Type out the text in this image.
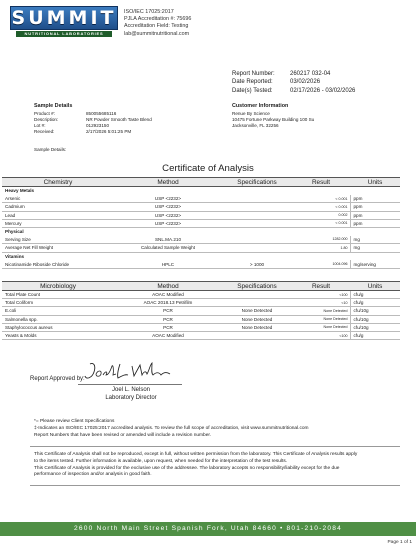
SUMMIT
NUTRITIONAL LABORATORIES
ISO/IEC 17025:2017
PJLA Accreditation #: 75696
Accreditation Field: Testing
lab@summitnutritional.com
Report Number:	260217 032-04
Date Reported:	03/02/2026
Date(s) Tested:	02/17/2026 - 03/02/2026
Sample Details
Product #:	850055685116
Description:	NR Powder Smooth Taste Blend
Lot #:	012923150
Received:	2/17/2026 5:01:25 PM
Customer Information
Renue By Science
10475 Fortune Parkway Building 100 Su
Jacksonville, FL 32256
Sample Details:
Certificate of Analysis
Chemistry	Method	Specifications	Result	Units
Heavy Metals				
Arsenic	USP <2232>		< 0.001	ppm
Cadmium	USP <2232>		< 0.001	ppm
Lead	USP <2232>		0.002	ppm
Mercury	USP <2232>		< 0.001	ppm
Physical				
Serving Size	SNL.MA.210		1282.000	mg
Average Net Fill Weight	Calculated Sample Weight		1.80	mg
Vitamins				
Nicotinamide Riboside Chloride	HPLC	> 1000	1004.096	mg/serving
Microbiology	Method	Specifications	Result	Units
Total Plate Count	AOAC Modified		<100	cfu/g
Total Coliform	AOAC 2018.13 Petrifilm		<10	cfu/g
E.coli	PCR	None Detected	None Detected	cfu/10g
Salmonella spp.	PCR	None Detected	None Detected	cfu/10g
Staphylococcus aureus	PCR	None Detected	None Detected	cfu/10g
Yeasts & Molds	AOAC Modified		<100	cfu/g
Report Approved by:
Joel L. Nelson
Laboratory Director
*= Please review Client Specifications
‡-Indicates an ISO/IEC 17025:2017 accredited analysis. To review the full scope of accreditation, visit www.summitnutritional.com
Report Numbers that have been revised or amended will include a revision number.
This Certificate of Analysis shall not be reproduced, except in full, without written permission from the laboratory. This Certificate of Analysis results apply
to the items tested. Further information is available, upon request, when needed for the interpretation of the test results.
This Certificate of Analysis is provided for the exclusive use of the addressee. The laboratory accepts no responsibility/liability except for the due
performance of inspection and/or analysis in good faith.
2600 North Main Street Spanish Fork, Utah 84660 • 801-210-2084
Page 1 of 1
